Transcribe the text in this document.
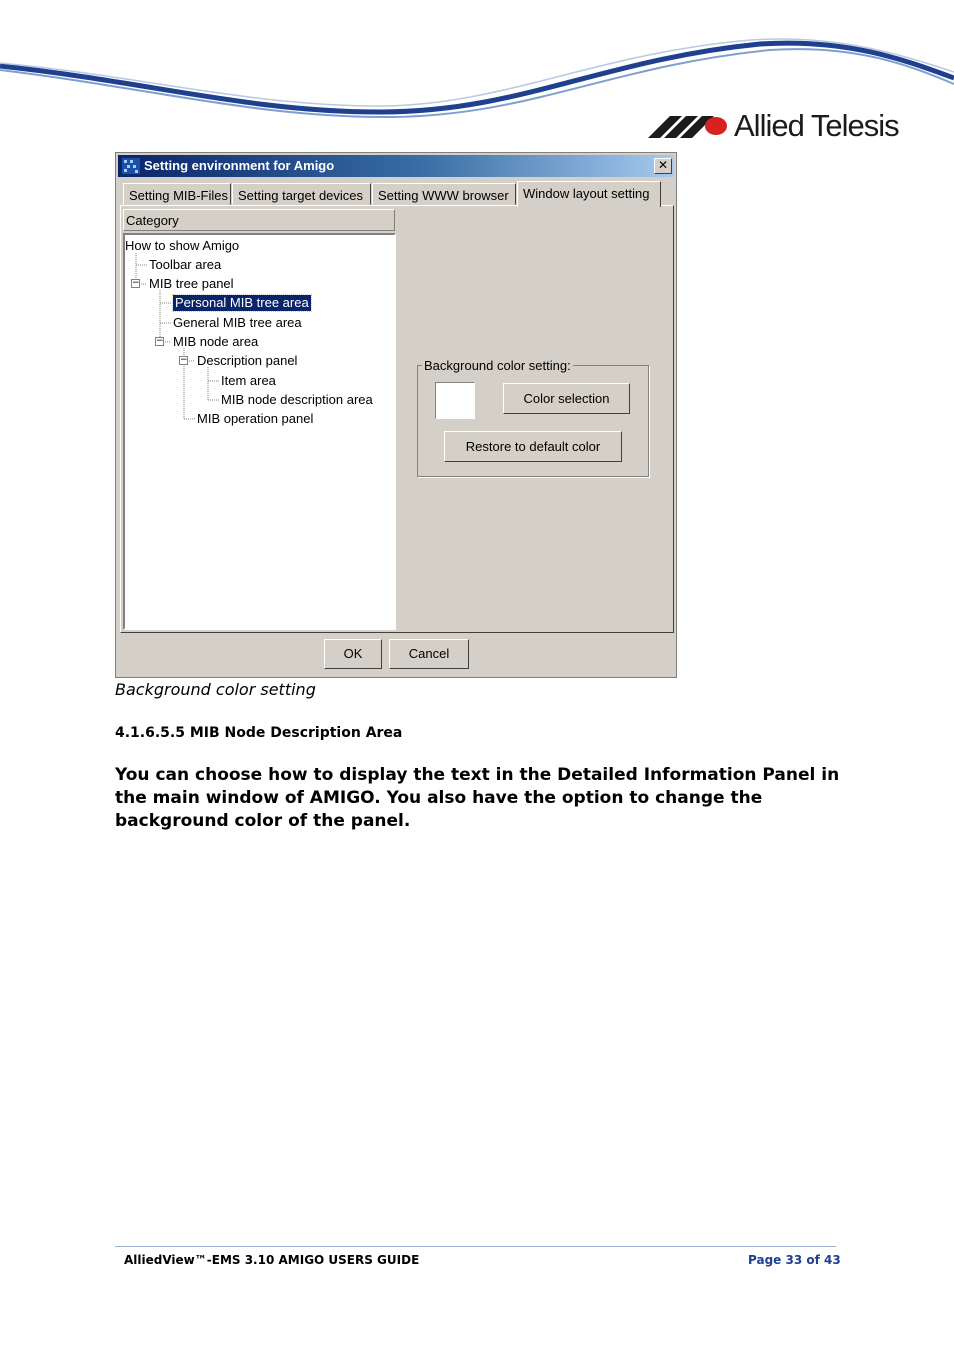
Allied Telesis
Setting environment for Amigo	✕
Setting MIB-Files Setting target devices	Setting WWW browser	Window layout setting
Category
−
−
−
How to show Amigo
Toolbar area
MIB tree panel
Personal MIB tree area
General MIB tree area
MIB node area
Description panel
Item area
MIB node description area
MIB operation panel
Background color setting:
Color selection
Restore to default color
OK	Cancel
Background color setting
4.1.6.5.5 MIB Node Description Area
You can choose how to display the text in the Detailed Information Panel in the main window of AMIGO. You also have the option to change the background color of the panel.
AlliedView™-EMS 3.10 AMIGO USERS GUIDE	Page 33 of 43
